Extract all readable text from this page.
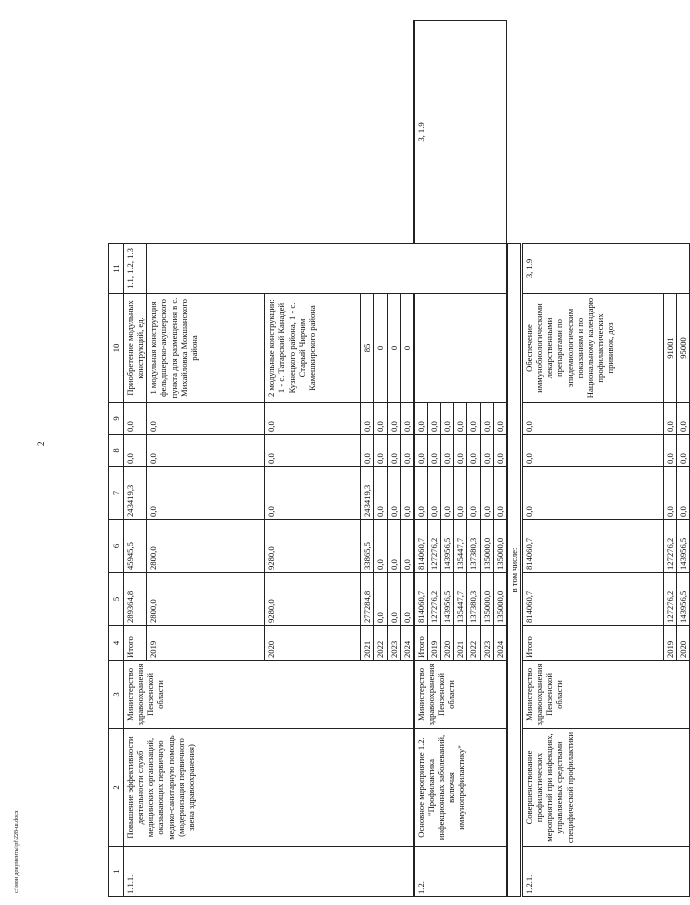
2
c:\мои документы\pf\228-ш.docx	1	2	3	4	5	6	7	8	9	10	11	
1.1.1.	Повышение эффективности деятельности служб медицинских организаций, оказывающих первичную медико-санитарную помощь (модернизация первичного звена здравоохранения)	Министерство здравоохранения Пензенской области	Итого	289364,8	45945,5	243419,3	0,0	0,0	Приобретение модульных конструкций, ед.	1.1, 1.2, 1.3	
			2019	2800,0	2800,0	0,0	0,0	0,0	1 модульная конструкция фельдшерско-акушерского пункта для размещения в с. Михайловка Мокшанского района		
			2020	9280,0	9280,0	0,0	0,0	0,0	2 модульные конструкции: 1 - с. Татарский Канадей Кузнецкого района, 1 - с. Старый Чирчим Камешкирского района		
			2021	277284,8	33865,5	243419,3	0,0	0,0	85		
			2022	0,0	0,0	0,0	0,0	0,0	0		
			2023	0,0	0,0	0,0	0,0	0,0	0		
			2024	0,0	0,0	0,0	0,0	0,0	0		
1.2.	Основное мероприятие 1.2. "Профилактика инфекционных заболеваний, включая иммунопрофилактику"	Министерство здравоохранения Пензенской области	Итого	814060,7	814060,7	0,0	0,0	0,0			3, 1.9
			2019	127276,2	127276,2	0,0	0,0	0,0			
			2020	143956,5	143956,5	0,0	0,0	0,0			
			2021	135447,7	135447,7	0,0	0,0	0,0			
			2022	137380,3	137380,3	0,0	0,0	0,0			
			2023	135000,0	135000,0	0,0	0,0	0,0			
			2024	135000,0	135000,0	0,0	0,0	0,0			
в том числе:											
1.2.1.	Совершенствование профилактических мероприятий при инфекциях, управляемых средствами специфической профилактики	Министерство здравоохранения Пензенской области	Итого	814060,7	814060,7	0,0	0,0	0,0	Обеспечение иммунобиологическими лекарственными препаратами по эпидемиологическим показаниям и по Национальному календарю профилактических прививок, доз	3, 1.9	
			2019	127276,2	127276,2	0,0	0,0	0,0	91001		
			2020	143956,5	143956,5	0,0	0,0	0,0	95000		
